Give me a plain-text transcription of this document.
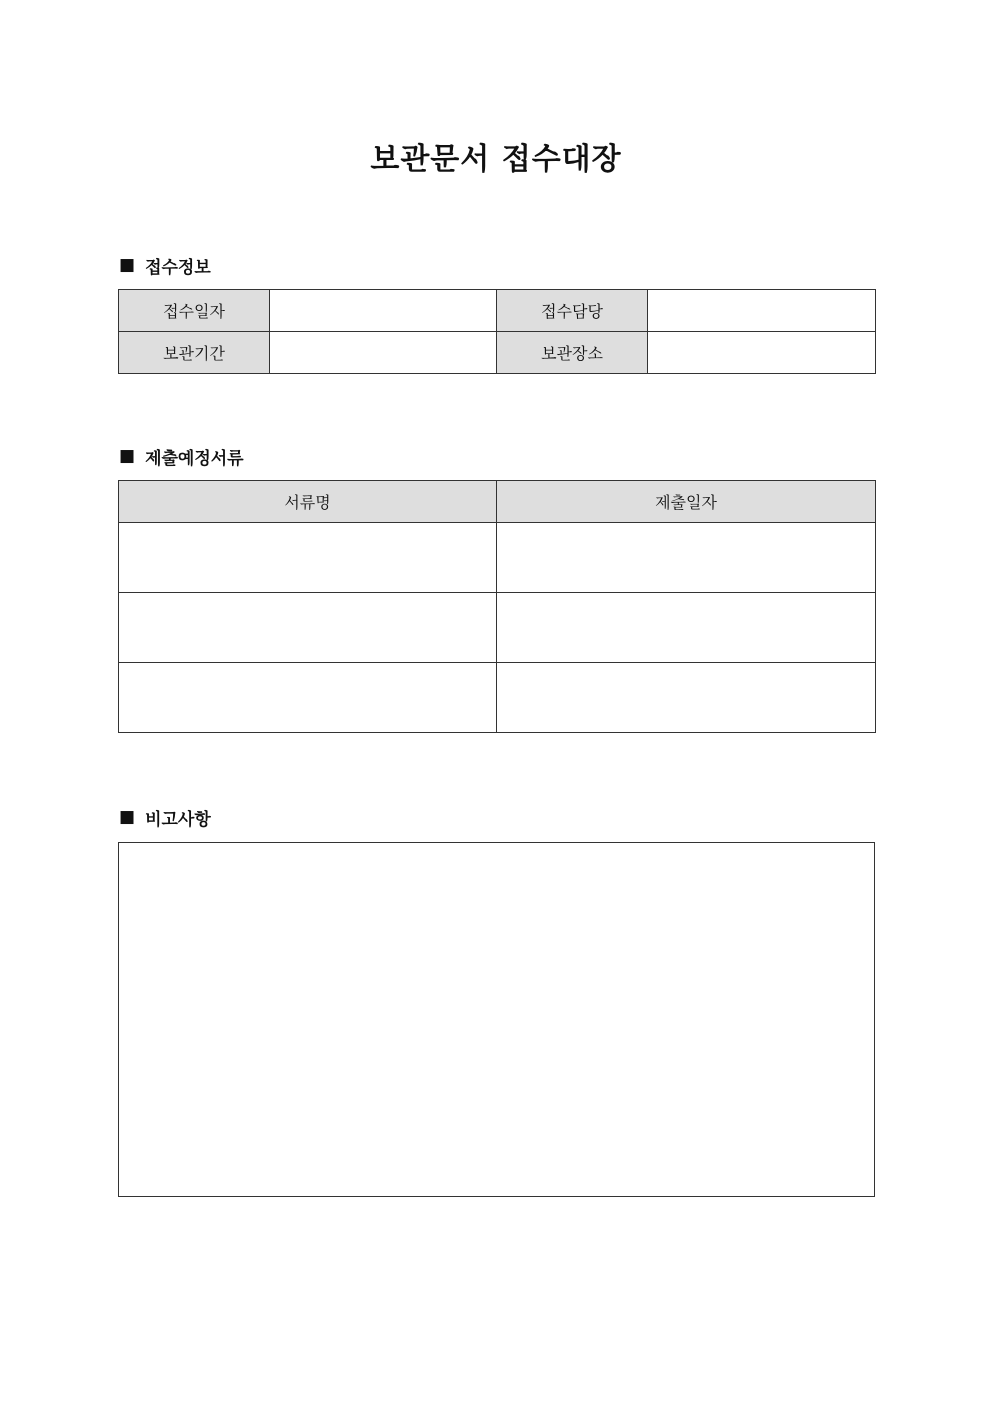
보관문서 접수대장
■ 접수정보
접수일자		접수담당	
보관기간		보관장소	
■ 제출예정서류
서류명	제출일자

■ 비고사항
